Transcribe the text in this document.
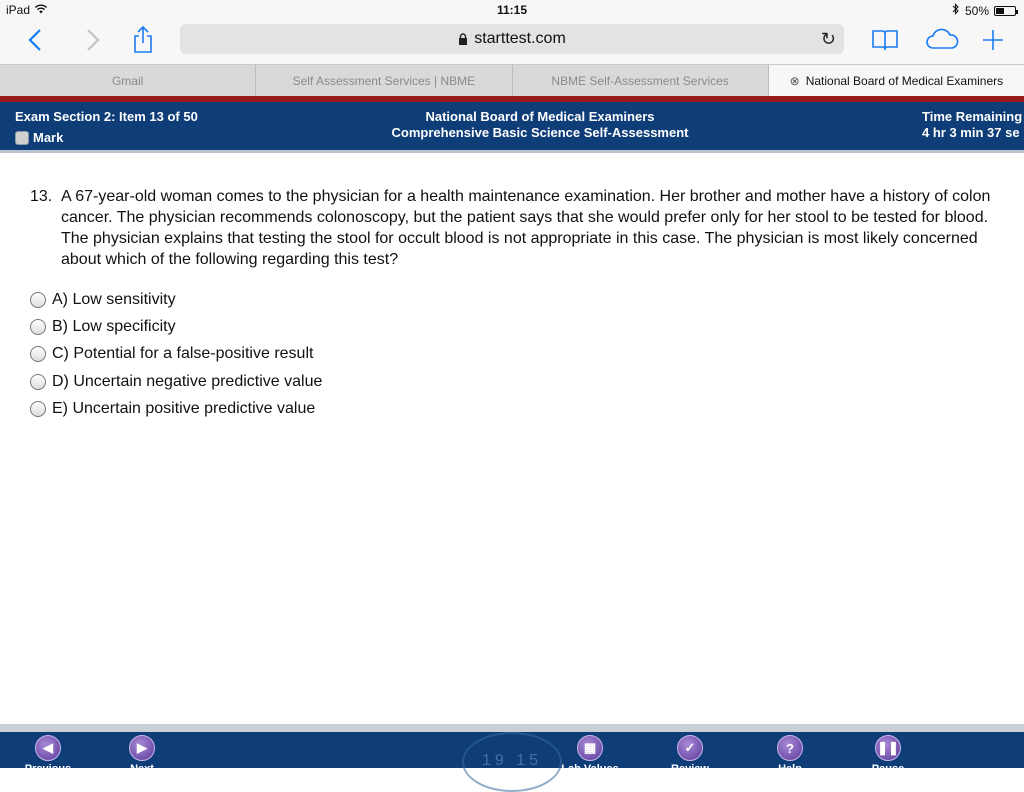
iPad	11:15	50%
starttest.com	↻
Gmail	Self Assessment Services | NBME	NBME Self-Assessment Services	⊗ National Board of Medical Examiners
Exam Section 2: Item 13 of 50
Mark
National Board of Medical Examiners
Comprehensive Basic Science Self-Assessment
Time Remaining
4 hr 3 min 37 se
13. A 67-year-old woman comes to the physician for a health maintenance examination. Her brother and mother have a history of colon cancer. The physician recommends colonoscopy, but the patient says that she would prefer only for her stool to be tested for blood. The physician explains that testing the stool for occult blood is not appropriate in this case. The physician is most likely concerned about which of the following regarding this test?
A) Low sensitivity
B) Low specificity
C) Potential for a false-positive result
D) Uncertain negative predictive value
E) Uncertain positive predictive value
19 15
◀
Previous
▶
Next
▦
Lab Values
✓
Review
?
Help
❚❚
Pause
